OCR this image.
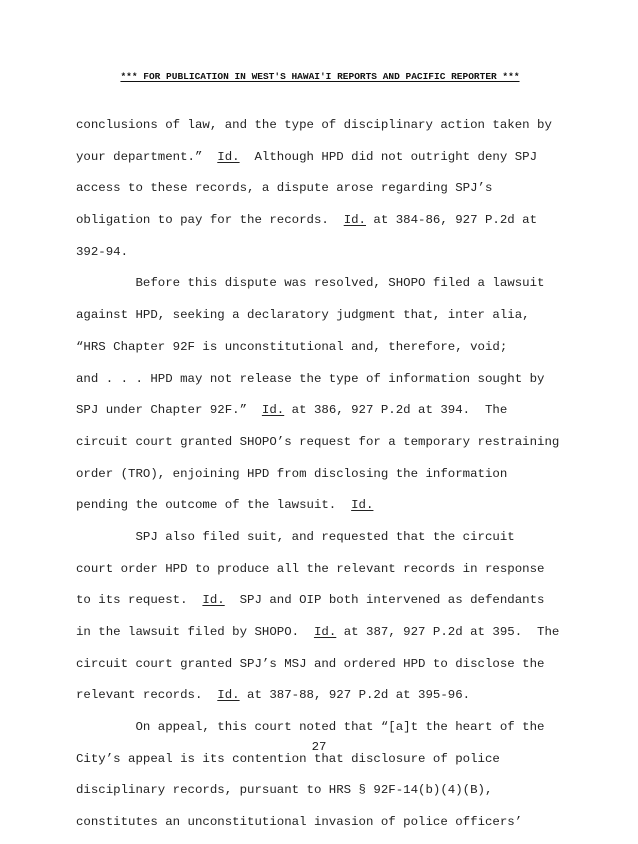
*** FOR PUBLICATION IN WEST'S HAWAI'I REPORTS AND PACIFIC REPORTER ***
conclusions of law, and the type of disciplinary action taken by
your department.”  Id.  Although HPD did not outright deny SPJ
access to these records, a dispute arose regarding SPJ’s
obligation to pay for the records.  Id. at 384-86, 927 P.2d at
392-94.
Before this dispute was resolved, SHOPO filed a lawsuit
against HPD, seeking a declaratory judgment that, inter alia,
“HRS Chapter 92F is unconstitutional and, therefore, void;
and . . . HPD may not release the type of information sought by
SPJ under Chapter 92F.”  Id. at 386, 927 P.2d at 394.  The
circuit court granted SHOPO’s request for a temporary restraining
order (TRO), enjoining HPD from disclosing the information
pending the outcome of the lawsuit.  Id.
SPJ also filed suit, and requested that the circuit
court order HPD to produce all the relevant records in response
to its request.  Id.  SPJ and OIP both intervened as defendants
in the lawsuit filed by SHOPO.  Id. at 387, 927 P.2d at 395.  The
circuit court granted SPJ’s MSJ and ordered HPD to disclose the
relevant records.  Id. at 387-88, 927 P.2d at 395-96.
On appeal, this court noted that “[a]t the heart of the
City’s appeal is its contention that disclosure of police
disciplinary records, pursuant to HRS § 92F-14(b)(4)(B),
constitutes an unconstitutional invasion of police officers’
27
